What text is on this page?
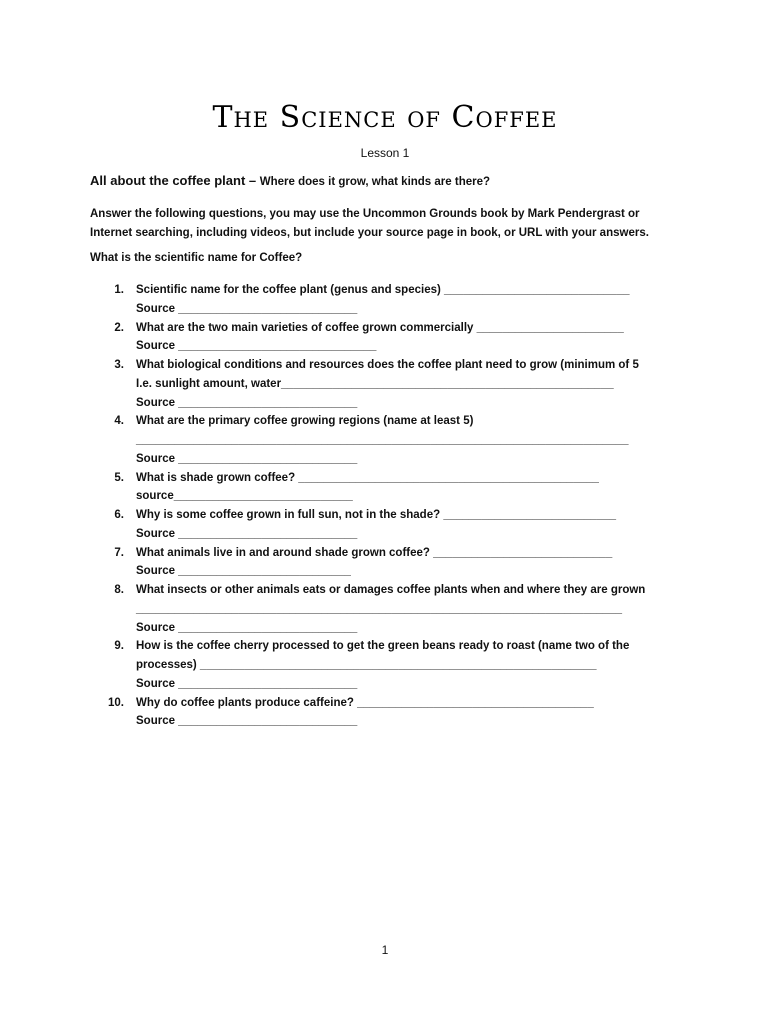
The Science of Coffee
Lesson 1
All about the coffee plant – Where does it grow, what kinds are there?
Answer the following questions, you may use the Uncommon Grounds book by Mark Pendergrast or
Internet searching, including videos, but include your source page in book, or URL with your answers.
What is the scientific name for Coffee?
1.	Scientific name for the coffee plant (genus and species) _____________________________
Source ____________________________
2.	What are the two main varieties of coffee grown commercially _______________________
Source _______________________________
3.	What biological conditions and resources does the coffee plant need to grow (minimum of 5
I.e. sunlight amount, water____________________________________________________
Source ____________________________
4.	What are the primary coffee growing regions (name at least 5)
_____________________________________________________________________________
Source ____________________________
5.	What is shade grown coffee? _______________________________________________
source____________________________
6.	Why is some coffee grown in full sun, not in the shade? ___________________________
Source ____________________________
7.	What animals live in and around shade grown coffee? ____________________________
Source ___________________________
8.	What insects or other animals eats or damages coffee plants when and where they are grown
____________________________________________________________________________
Source ____________________________
9.	How is the coffee cherry processed to get the green beans ready to roast (name two of the
processes) ______________________________________________________________
Source ____________________________
10.	Why do coffee plants produce caffeine? _____________________________________
Source ____________________________
1
